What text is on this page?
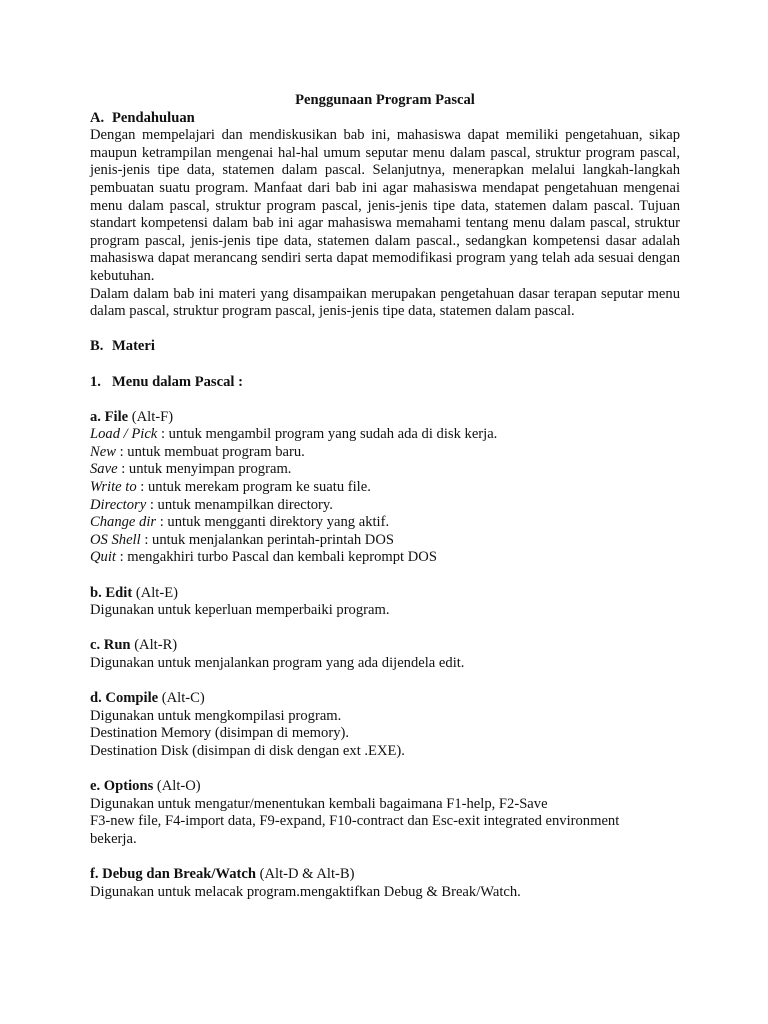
Penggunaan Program Pascal

A. Pendahuluan

Dengan mempelajari dan mendiskusikan bab ini, mahasiswa dapat memiliki pengetahuan, sikap maupun ketrampilan mengenai hal-hal umum seputar menu dalam pascal, struktur program pascal, jenis-jenis tipe data, statemen dalam pascal. Selanjutnya, menerapkan melalui langkah-langkah pembuatan suatu program. Manfaat dari bab ini agar mahasiswa mendapat pengetahuan mengenai menu dalam pascal, struktur program pascal, jenis-jenis tipe data, statemen dalam pascal. Tujuan standart kompetensi dalam bab ini agar mahasiswa memahami tentang menu dalam pascal, struktur program pascal, jenis-jenis tipe data, statemen dalam pascal., sedangkan kompetensi dasar adalah mahasiswa dapat merancang sendiri serta dapat memodifikasi program yang telah ada sesuai dengan kebutuhan.

Dalam dalam bab ini materi yang disampaikan merupakan pengetahuan dasar terapan seputar menu dalam pascal, struktur program pascal, jenis-jenis tipe data, statemen dalam pascal.

B. Materi

1. Menu dalam Pascal :

a. File (Alt-F)

Load / Pick : untuk mengambil program yang sudah ada di disk kerja.

New : untuk membuat program baru.

Save : untuk menyimpan program.

Write to : untuk merekam program ke suatu file.

Directory : untuk menampilkan directory.

Change dir : untuk mengganti direktory yang aktif.

OS Shell : untuk menjalankan perintah-printah DOS

Quit : mengakhiri turbo Pascal dan kembali keprompt DOS

b. Edit (Alt-E)

Digunakan untuk keperluan memperbaiki program.

c. Run (Alt-R)

Digunakan untuk menjalankan program yang ada dijendela edit.

d. Compile (Alt-C)

Digunakan untuk mengkompilasi program.

Destination Memory (disimpan di memory).

Destination Disk (disimpan di disk dengan ext .EXE).

e. Options (Alt-O)

Digunakan untuk mengatur/menentukan kembali bagaimana F1-help, F2-Save

F3-new file, F4-import data, F9-expand, F10-contract dan Esc-exit integrated environment

bekerja.

f. Debug dan Break/Watch (Alt-D & Alt-B)

Digunakan untuk melacak program.mengaktifkan Debug & Break/Watch.
